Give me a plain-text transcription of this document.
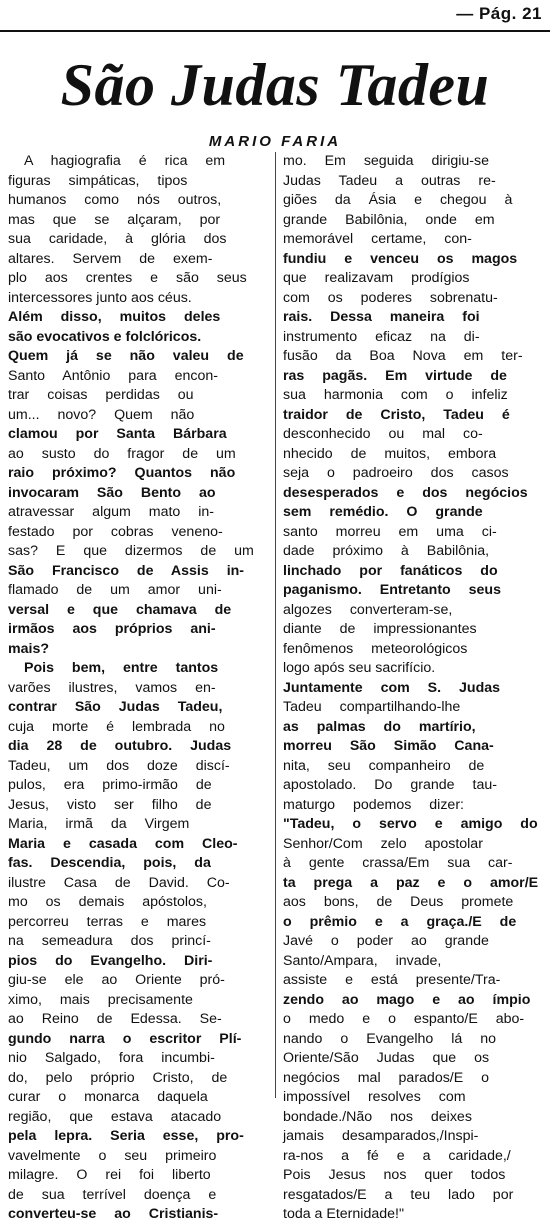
— Pág. 21
São Judas Tadeu
MARIO FARIA
A hagiografia é rica em
figuras simpáticas, tipos
humanos como nós outros,
mas que se alçaram, por
sua caridade, à glória dos
altares. Servem de exem-
plo aos crentes e são seus
intercessores junto aos céus.
Além disso, muitos deles
são evocativos e folclóricos.
Quem já se não valeu de
Santo Antônio para encon-
trar coisas perdidas ou
um... novo? Quem não
clamou por Santa Bárbara
ao susto do fragor de um
raio próximo? Quantos não
invocaram São Bento ao
atravessar algum mato in-
festado por cobras veneno-
sas? E que dizermos de um
São Francisco de Assis in-
flamado de um amor uni-
versal e que chamava de
irmãos aos próprios ani-
mais?
Pois bem, entre tantos
varões ilustres, vamos en-
contrar São Judas Tadeu,
cuja morte é lembrada no
dia 28 de outubro. Judas
Tadeu, um dos doze discí-
pulos, era primo-irmão de
Jesus, visto ser filho de
Maria, irmã da Virgem
Maria e casada com Cleo-
fas. Descendia, pois, da
ilustre Casa de David. Co-
mo os demais apóstolos,
percorreu terras e mares
na semeadura dos princí-
pios do Evangelho. Diri-
giu-se ele ao Oriente pró-
ximo, mais precisamente
ao Reino de Edessa. Se-
gundo narra o escritor Plí-
nio Salgado, fora incumbi-
do, pelo próprio Cristo, de
curar o monarca daquela
região, que estava atacado
pela lepra. Seria esse, pro-
vavelmente o seu primeiro
milagre. O rei foi liberto
de sua terrível doença e
converteu-se ao Cristianis-
mo. Em seguida dirigiu-se
Judas Tadeu a outras re-
giões da Ásia e chegou à
grande Babilônia, onde em
memorável certame, con-
fundiu e venceu os magos
que realizavam prodígios
com os poderes sobrenatu-
rais. Dessa maneira foi
instrumento eficaz na di-
fusão da Boa Nova em ter-
ras pagãs. Em virtude de
sua harmonia com o infeliz
traidor de Cristo, Tadeu é
desconhecido ou mal co-
nhecido de muitos, embora
seja o padroeiro dos casos
desesperados e dos negócios
sem remédio. O grande
santo morreu em uma ci-
dade próximo à Babilônia,
linchado por fanáticos do
paganismo. Entretanto seus
algozes converteram-se,
diante de impressionantes
fenômenos meteorológicos
logo após seu sacrifício.
Juntamente com S. Judas
Tadeu compartilhando-lhe
as palmas do martírio,
morreu São Simão Cana-
nita, seu companheiro de
apostolado. Do grande tau-
maturgo podemos dizer:
"Tadeu, o servo e amigo do
Senhor/Com zelo apostolar
à gente crassa/Em sua car-
ta prega a paz e o amor/E
aos bons, de Deus promete
o prêmio e a graça./E de
Javé o poder ao grande
Santo/Ampara, invade,
assiste e está presente/Tra-
zendo ao mago e ao ímpio
o medo e o espanto/E abo-
nando o Evangelho lá no
Oriente/São Judas que os
negócios mal parados/E o
impossível resolves com
bondade./Não nos deixes
jamais desamparados,/Inspi-
ra-nos a fé e a caridade,/
Pois Jesus nos quer todos
resgatados/E a teu lado por
toda a Eternidade!"
